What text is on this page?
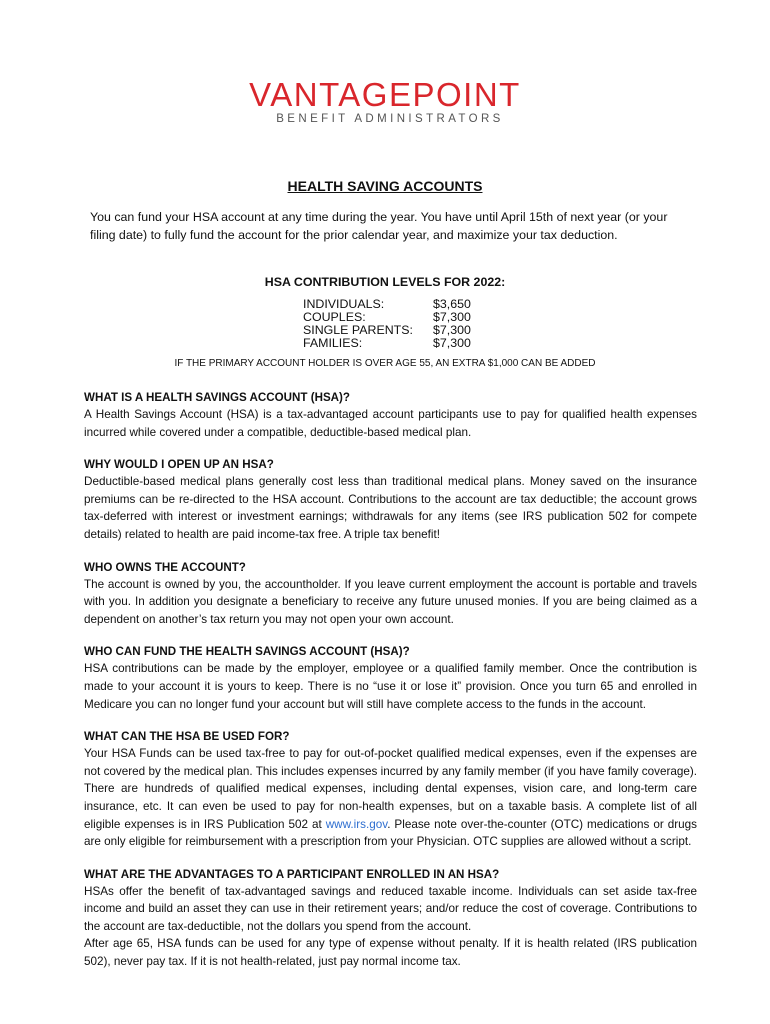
VANTAGEPOINT
BENEFIT ADMINISTRATORS
HEALTH SAVING ACCOUNTS
You can fund your HSA account at any time during the year. You have until April 15th of next year (or your filing date) to fully fund the account for the prior calendar year, and maximize your tax deduction.
HSA CONTRIBUTION LEVELS FOR 2022:
INDIVIDUALS:	$3,650
COUPLES:	$7,300
SINGLE PARENTS:	$7,300
FAMILIES:	$7,300
IF THE PRIMARY ACCOUNT HOLDER IS OVER AGE 55, AN EXTRA $1,000 CAN BE ADDED
WHAT IS A HEALTH SAVINGS ACCOUNT (HSA)?
A Health Savings Account (HSA) is a tax-advantaged account participants use to pay for qualified health expenses incurred while covered under a compatible, deductible-based medical plan.
WHY WOULD I OPEN UP AN HSA?
Deductible-based medical plans generally cost less than traditional medical plans. Money saved on the insurance premiums can be re-directed to the HSA account. Contributions to the account are tax deductible; the account grows tax-deferred with interest or investment earnings; withdrawals for any items (see IRS publication 502 for compete details) related to health are paid income-tax free. A triple tax benefit!
WHO OWNS THE ACCOUNT?
The account is owned by you, the accountholder. If you leave current employment the account is portable and travels with you. In addition you designate a beneficiary to receive any future unused monies. If you are being claimed as a dependent on another’s tax return you may not open your own account.
WHO CAN FUND THE HEALTH SAVINGS ACCOUNT (HSA)?
HSA contributions can be made by the employer, employee or a qualified family member. Once the contribution is made to your account it is yours to keep. There is no “use it or lose it” provision. Once you turn 65 and enrolled in Medicare you can no longer fund your account but will still have complete access to the funds in the account.
WHAT CAN THE HSA BE USED FOR?
Your HSA Funds can be used tax-free to pay for out-of-pocket qualified medical expenses, even if the expenses are not covered by the medical plan. This includes expenses incurred by any family member (if you have family coverage). There are hundreds of qualified medical expenses, including dental expenses, vision care, and long-term care insurance, etc. It can even be used to pay for non-health expenses, but on a taxable basis. A complete list of all eligible expenses is in IRS Publication 502 at www.irs.gov. Please note over-the-counter (OTC) medications or drugs are only eligible for reimbursement with a prescription from your Physician. OTC supplies are allowed without a script.
WHAT ARE THE ADVANTAGES TO A PARTICIPANT ENROLLED IN AN HSA?
HSAs offer the benefit of tax-advantaged savings and reduced taxable income. Individuals can set aside tax-free income and build an asset they can use in their retirement years; and/or reduce the cost of coverage. Contributions to the account are tax-deductible, not the dollars you spend from the account.
After age 65, HSA funds can be used for any type of expense without penalty. If it is health related (IRS publication 502), never pay tax. If it is not health-related, just pay normal income tax.
